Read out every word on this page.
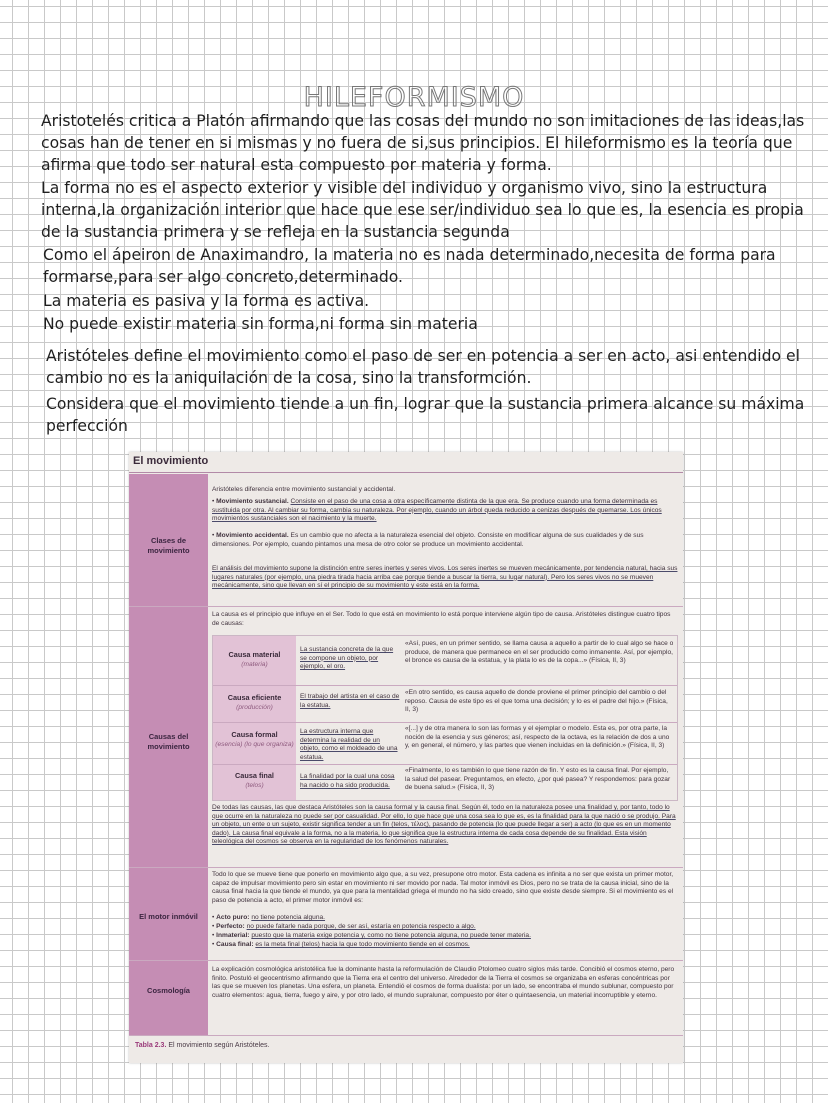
HILEFORMISMO
Aristotelés critica a Platón afirmando que las cosas del mundo no son imitaciones de las ideas,las cosas han de tener en si mismas y no fuera de si,sus principios. El hileformismo es la teoría que afirma que todo ser natural esta compuesto por materia y forma.
La forma no es el aspecto exterior y visible del individuo y organismo vivo, sino la estructura interna,la organización interior que hace que ese ser/individuo sea lo que es, la esencia es propia de la sustancia primera y se refleja en la sustancia segunda
Como el ápeiron de Anaximandro, la materia no es nada determinado,necesita de forma para formarse,para ser algo concreto,determinado.
La materia es pasiva y la forma es activa.
No puede existir materia sin forma,ni forma sin materia
Aristóteles define el movimiento como el paso de ser en potencia a ser en acto, asi entendido el cambio no es la aniquilación de la cosa, sino la transformción.
Considera que el movimiento tiende a un fin, lograr que la sustancia primera alcance su máxima perfección
El movimiento
Clases de movimiento
Aristóteles diferencia entre movimiento sustancial y accidental.
• Movimiento sustancial. Consiste en el paso de una cosa a otra específicamente distinta de la que era. Se produce cuando una forma determinada es sustituida por otra. Al cambiar su forma, cambia su naturaleza. Por ejemplo, cuando un árbol queda reducido a cenizas después de quemarse. Los únicos movimientos sustanciales son el nacimiento y la muerte.
• Movimiento accidental. Es un cambio que no afecta a la naturaleza esencial del objeto. Consiste en modificar alguna de sus cualidades y de sus dimensiones. Por ejemplo, cuando pintamos una mesa de otro color se produce un movimiento accidental.
El análisis del movimiento supone la distinción entre seres inertes y seres vivos. Los seres inertes se mueven mecánicamente, por tendencia natural, hacia sus lugares naturales (por ejemplo, una piedra tirada hacia arriba cae porque tiende a buscar la tierra, su lugar natural). Pero los seres vivos no se mueven mecánicamente, sino que llevan en sí el principio de su movimiento y este está en la forma.
Causas del movimiento
La causa es el principio que influye en el Ser. Todo lo que está en movimiento lo está porque interviene algún tipo de causa. Aristóteles distingue cuatro tipos de causas:
Causa material
(materia)
La sustancia concreta de la que se compone un objeto, por ejemplo, el oro.
«Así, pues, en un primer sentido, se llama causa a aquello a partir de lo cual algo se hace o produce, de manera que permanece en el ser producido como inmanente. Así, por ejemplo, el bronce es causa de la estatua, y la plata lo es de la copa...» (Física, II, 3)
Causa eficiente
(producción)
El trabajo del artista en el caso de la estatua.
«En otro sentido, es causa aquello de donde proviene el primer principio del cambio o del reposo. Causa de este tipo es el que toma una decisión; y lo es el padre del hijo.» (Física, II, 3)
Causa formal
(esencia) (lo que organiza)
La estructura interna que determina la realidad de un objeto, como el moldeado de una estatua.
«[...] y de otra manera lo son las formas y el ejemplar o modelo. Esta es, por otra parte, la noción de la esencia y sus géneros; así, respecto de la octava, es la relación de dos a uno y, en general, el número, y las partes que vienen incluidas en la definición.» (Física, II, 3)
Causa final
(telos)
La finalidad por la cual una cosa ha nacido o ha sido producida.
«Finalmente, lo es también lo que tiene razón de fin. Y esto es la causa final. Por ejemplo, la salud del pasear. Preguntamos, en efecto, ¿por qué pasea? Y respondemos: para gozar de buena salud.» (Física, II, 3)
De todas las causas, las que destaca Aristóteles son la causa formal y la causa final. Según él, todo en la naturaleza posee una finalidad y, por tanto, todo lo que ocurre en la naturaleza no puede ser por casualidad. Por ello, lo que hace que una cosa sea lo que es, es la finalidad para la que nació o se produjo. Para un objeto, un ente o un sujeto, existir significa tender a un fin (telos, τέλος), pasando de potencia (lo que puede llegar a ser) a acto (lo que es en un momento dado). La causa final equivale a la forma, no a la materia, lo que significa que la estructura interna de cada cosa depende de su finalidad. Esta visión teleológica del cosmos se observa en la regularidad de los fenómenos naturales.
El motor inmóvil
Todo lo que se mueve tiene que ponerlo en movimiento algo que, a su vez, presupone otro motor. Esta cadena es infinita a no ser que exista un primer motor, capaz de impulsar movimiento pero sin estar en movimiento ni ser movido por nada. Tal motor inmóvil es Dios, pero no se trata de la causa inicial, sino de la causa final hacia la que tiende el mundo, ya que para la mentalidad griega el mundo no ha sido creado, sino que existe desde siempre. Si el movimiento es el paso de potencia a acto, el primer motor inmóvil es:
• Acto puro: no tiene potencia alguna.
• Perfecto: no puede faltarle nada porque, de ser así, estaría en potencia respecto a algo.
• Inmaterial: puesto que la materia exige potencia y, como no tiene potencia alguna, no puede tener materia.
• Causa final: es la meta final (telos) hacia la que todo movimiento tiende en el cosmos.
Cosmología
La explicación cosmológica aristotélica fue la dominante hasta la reformulación de Claudio Ptolomeo cuatro siglos más tarde. Concibió el cosmos eterno, pero finito. Postuló el geocentrismo afirmando que la Tierra era el centro del universo. Alrededor de la Tierra el cosmos se organizaba en esferas concéntricas por las que se mueven los planetas. Una esfera, un planeta. Entendió el cosmos de forma dualista: por un lado, se encontraba el mundo sublunar, compuesto por cuatro elementos: agua, tierra, fuego y aire, y por otro lado, el mundo supralunar, compuesto por éter o quintaesencia, un material incorruptible y eterno.
Tabla 2.3. El movimiento según Aristóteles.
